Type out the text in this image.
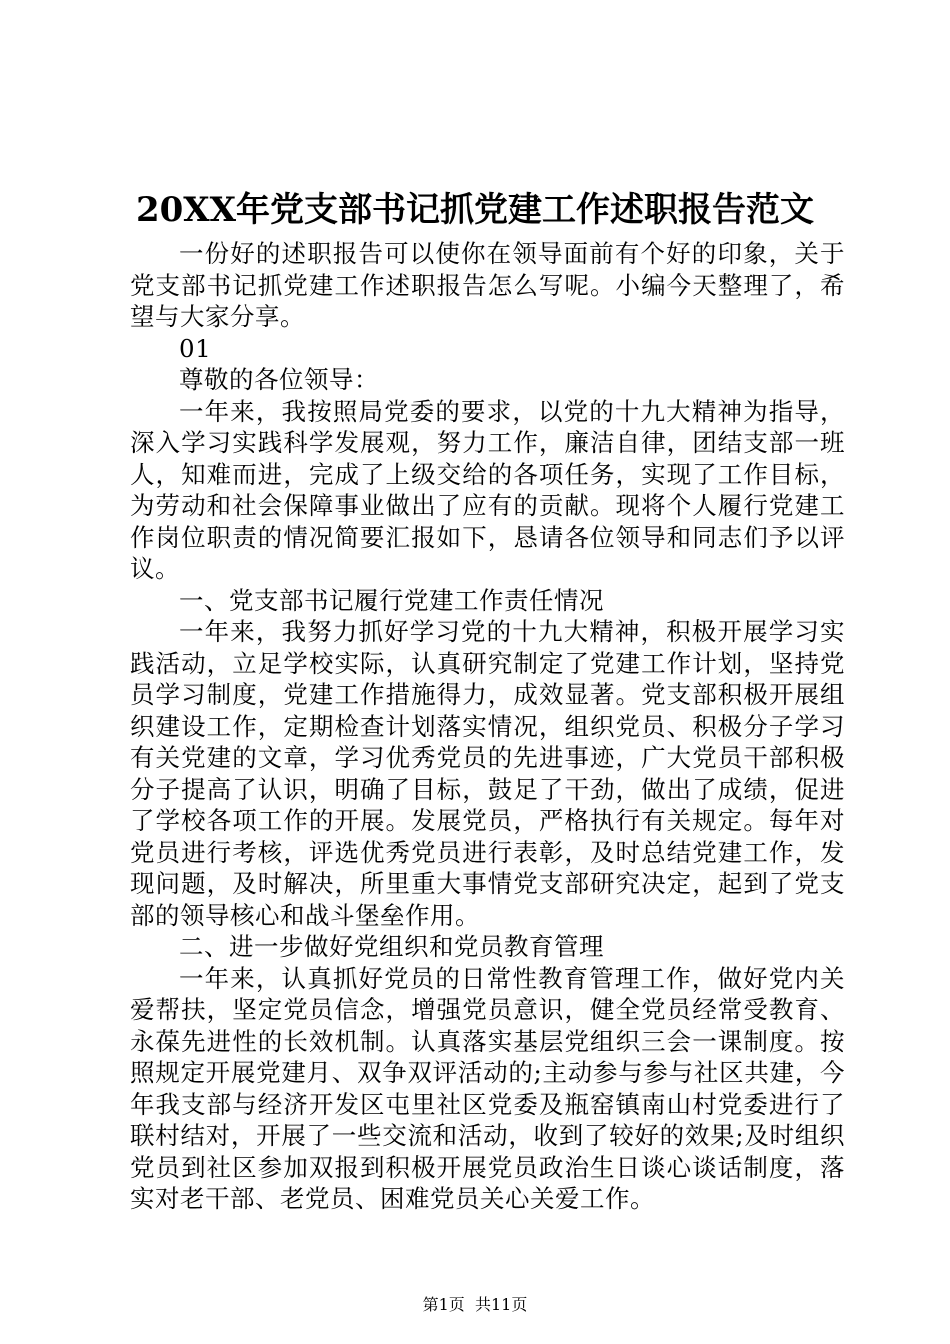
20XX年党支部书记抓党建工作述职报告范文

一份好的述职报告可以使你在领导面前有个好的印象，关于党支部书记抓党建工作述职报告怎么写呢。小编今天整理了，希望与大家分享。

01

尊敬的各位领导：

一年来，我按照局党委的要求，以党的十九大精神为指导，深入学习实践科学发展观，努力工作，廉洁自律，团结支部一班人，知难而进，完成了上级交给的各项任务，实现了工作目标，为劳动和社会保障事业做出了应有的贡献。现将个人履行党建工作岗位职责的情况简要汇报如下，恳请各位领导和同志们予以评议。

一、党支部书记履行党建工作责任情况

一年来，我努力抓好学习党的十九大精神，积极开展学习实践活动，立足学校实际，认真研究制定了党建工作计划，坚持党员学习制度，党建工作措施得力，成效显著。党支部积极开展组织建设工作，定期检查计划落实情况，组织党员、积极分子学习有关党建的文章，学习优秀党员的先进事迹，广大党员干部积极分子提高了认识，明确了目标，鼓足了干劲，做出了成绩，促进了学校各项工作的开展。发展党员，严格执行有关规定。每年对党员进行考核，评选优秀党员进行表彰，及时总结党建工作，发现问题，及时解决，所里重大事情党支部研究决定，起到了党支部的领导核心和战斗堡垒作用。

二、进一步做好党组织和党员教育管理

一年来，认真抓好党员的日常性教育管理工作，做好党内关爱帮扶，坚定党员信念，增强党员意识，健全党员经常受教育、永葆先进性的长效机制。认真落实基层党组织三会一课制度。按照规定开展党建月、双争双评活动的;主动参与参与社区共建，今年我支部与经济开发区屯里社区党委及瓶窑镇南山村党委进行了联村结对，开展了一些交流和活动，收到了较好的效果;及时组织党员到社区参加双报到积极开展党员政治生日谈心谈话制度，落实对老干部、老党员、困难党员关心关爱工作。

第1页 共11页
